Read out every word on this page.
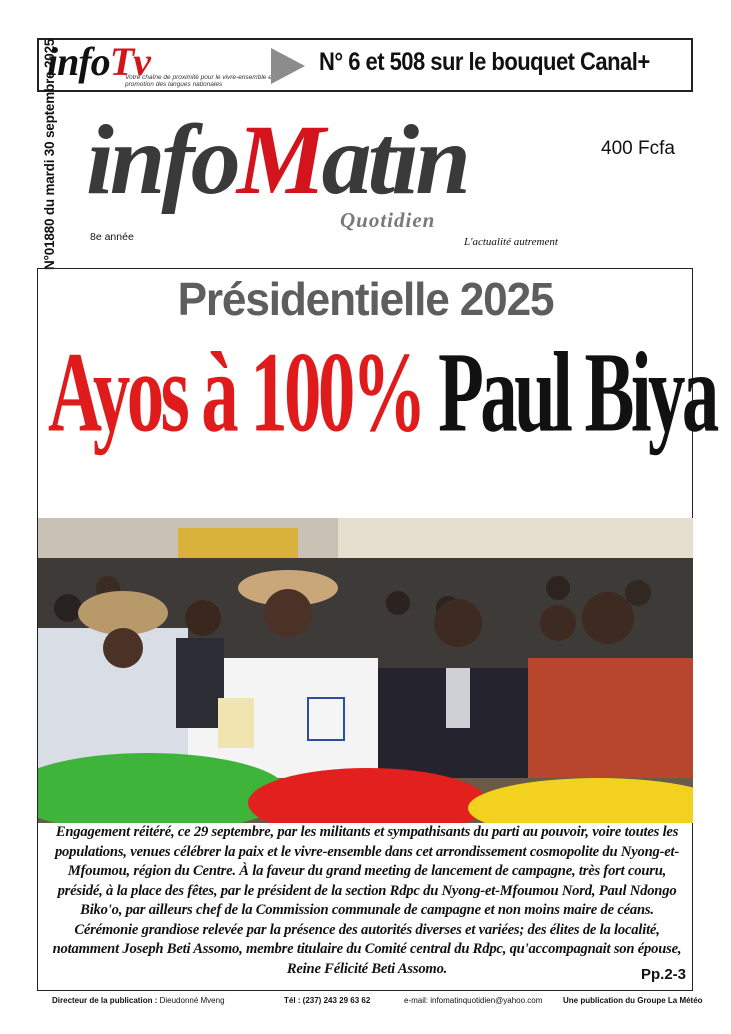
infoTv
Votre chaîne de proximité pour le vivre-ensemble et la promotion des langues nationales
N° 6 et 508 sur le bouquet Canal+
N°01880 du mardi 30 septembre 2025 infoMatin
Quotidien
L'actualité autrement
8e année
400 Fcfa
Présidentielle 2025
Ayos à 100% Paul Biya
Engagement réitéré, ce 29 septembre, par les militants et sympathisants du parti au pouvoir, voire toutes les populations, venues célébrer la paix et le vivre-ensemble dans cet arrondissement cosmopolite du Nyong-et-Mfoumou, région du Centre. À la faveur du grand meeting de lancement de campagne, très fort couru, présidé, à la place des fêtes, par le président de la section Rdpc du Nyong-et-Mfoumou Nord, Paul Ndongo Biko'o, par ailleurs chef de la Commission communale de campagne et non moins maire de céans. Cérémonie grandiose relevée par la présence des autorités diverses et variées; des élites de la localité, notamment Joseph Beti Assomo, membre titulaire du Comité central du Rdpc, qu'accompagnait son épouse, Reine Félicité Beti Assomo.	Pp.2-3
Directeur de la publication : Dieudonné Mveng	Tél : (237) 243 29 63 62	e-mail: infomatinquotidien@yahoo.com	Une publication du Groupe La Météo
